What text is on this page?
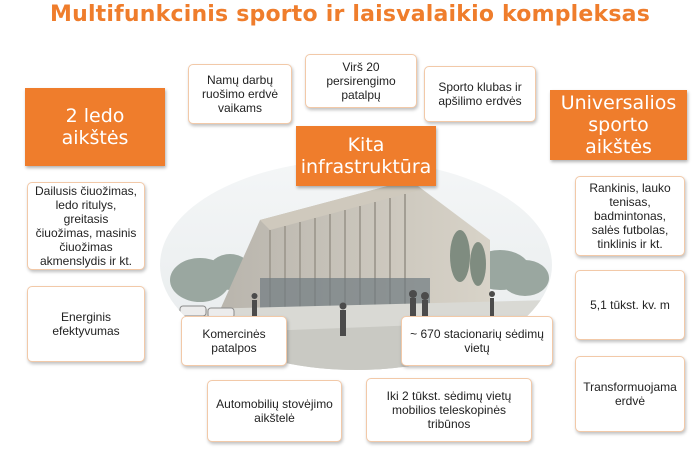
Multifunkcinis sporto ir laisvalaikio kompleksas
2 ledo aikštės	Kita
infrastruktūra
Universalios
sporto aikštės
Dailusis čiuožimas,
ledo ritulys, greitasis
čiuožimas, masinis
čiuožimas
akmenslydis ir kt.
Energinis efektyvumas
Namų darbų
ruošimo erdvė
vaikams
Virš 20
persirengimo
patalpų
Sporto klubas ir
apšilimo erdvės
Komercinės
patalpos
~ 670 stacionarių sėdimų
vietų
Automobilių stovėjimo
aikštelė
Iki 2 tūkst. sėdimų vietų
mobilios teleskopinės
tribūnos
Rankinis, lauko
tenisas,
badmintonas,
salės futbolas,
tinklinis ir kt.
5,1 tūkst. kv. m
Transformuojama
erdvė
